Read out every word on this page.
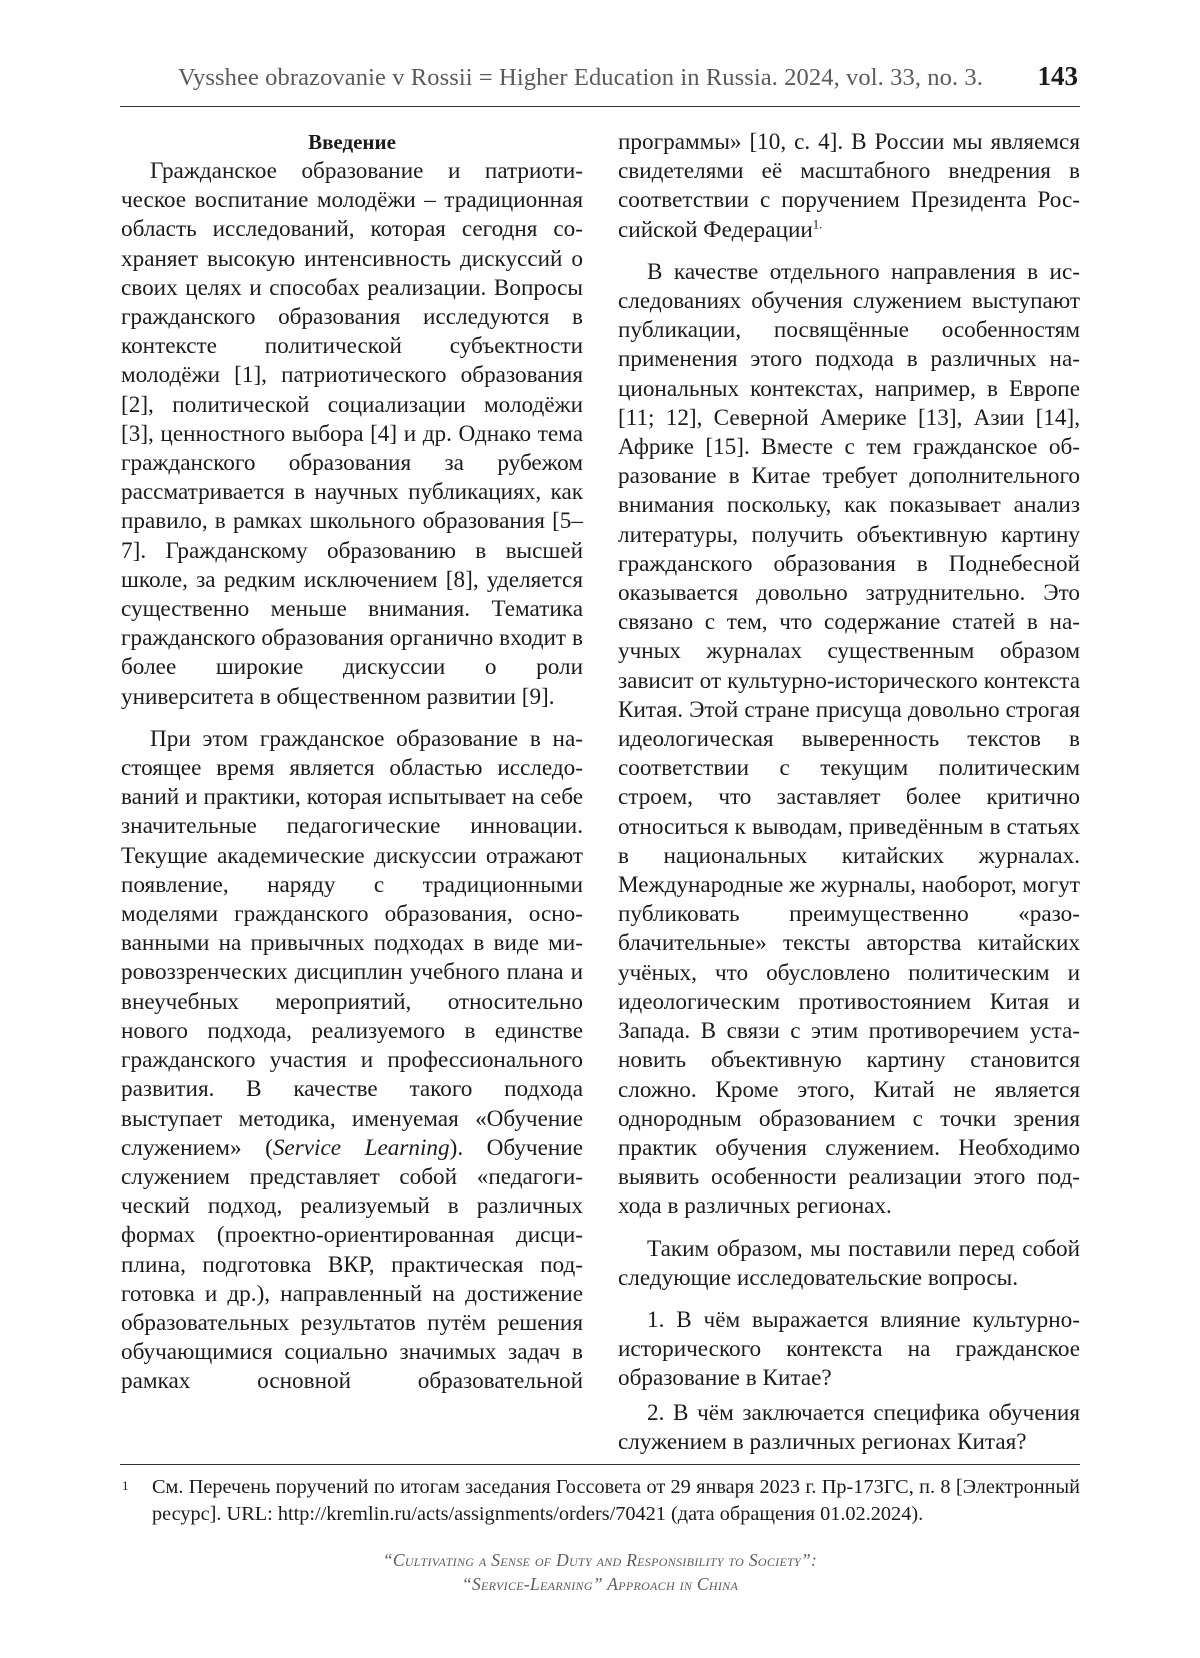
Vysshee obrazovanie v Rossii = Higher Education in Russia. 2024, vol. 33, no. 3. 143
Введение

Гражданское образование и патриотическое воспитание молодёжи – традиционная область исследований, которая сегодня сохраняет высокую интенсивность дискуссий о своих целях и способах реализации. Вопросы гражданского образования исследуются в контексте политической субъектности молодёжи [1], патриотического образования [2], политической социализации молодёжи [3], ценностного выбора [4] и др. Однако тема гражданского образования за рубежом рассматривается в научных публикациях, как правило, в рамках школьного образования [5–7]. Гражданскому образованию в высшей школе, за редким исключением [8], уделяется существенно меньше внимания. Тематика гражданского образования органично входит в более широкие дискуссии о роли университета в общественном развитии [9].

При этом гражданское образование в настоящее время является областью исследований и практики, которая испытывает на себе значительные педагогические инновации. Текущие академические дискуссии отражают появление, наряду с традиционными моделями гражданского образования, основанными на привычных подходах в виде мировоззренческих дисциплин учебного плана и внеучебных мероприятий, относительно нового подхода, реализуемого в единстве гражданского участия и профессионального развития. В качестве такого подхода выступает методика, именуемая «Обучение служением» (Service Learning). Обучение служением представляет собой «педагогический подход, реализуемый в различных формах (проектно-ориентированная дисциплина, подготовка ВКР, практическая подготовка и др.), направленный на достижение образовательных результатов путём решения обучающимися социально значимых задач в рамках основной образовательной

программы» [10, с. 4]. В России мы являемся свидетелями её масштабного внедрения в соответствии с поручением Президента Российской Федерации$^{1.}$

В качестве отдельного направления в исследованиях обучения служением выступают публикации, посвящённые особенностям применения этого подхода в различных национальных контекстах, например, в Европе [11; 12], Северной Америке [13], Азии [14], Африке [15]. Вместе с тем гражданское образование в Китае требует дополнительного внимания поскольку, как показывает анализ литературы, получить объективную картину гражданского образования в Поднебесной оказывается довольно затруднительно. Это связано с тем, что содержание статей в научных журналах существенным образом зависит от культурно-исторического контекста Китая. Этой стране присуща довольно строгая идеологическая выверенность текстов в соответствии с текущим политическим строем, что заставляет более критично относиться к выводам, приведённым в статьях в национальных китайских журналах. Международные же журналы, наоборот, могут публиковать преимущественно «разоблачительные» тексты авторства китайских учёных, что обусловлено политическим и идеологическим противостоянием Китая и Запада. В связи с этим противоречием установить объективную картину становится сложно. Кроме этого, Китай не является однородным образованием с точки зрения практик обучения служением. Необходимо выявить особенности реализации этого подхода в различных регионах.

Таким образом, мы поставили перед собой следующие исследовательские вопросы.

1. В чём выражается влияние культурно-исторического контекста на гражданское образование в Китае?

2. В чём заключается специфика обучения служением в различных регионах Китая?

1 См. Перечень поручений по итогам заседания Госсовета от 29 января 2023 г. Пр-173ГС, п. 8 [Электронный ресурс]. URL: http://kremlin.ru/acts/assignments/orders/70421 (дата обращения 01.02.2024).
“Cultivating a Sense of Duty and Responsibility to Society”:
“Service-Learning” Approach in China
